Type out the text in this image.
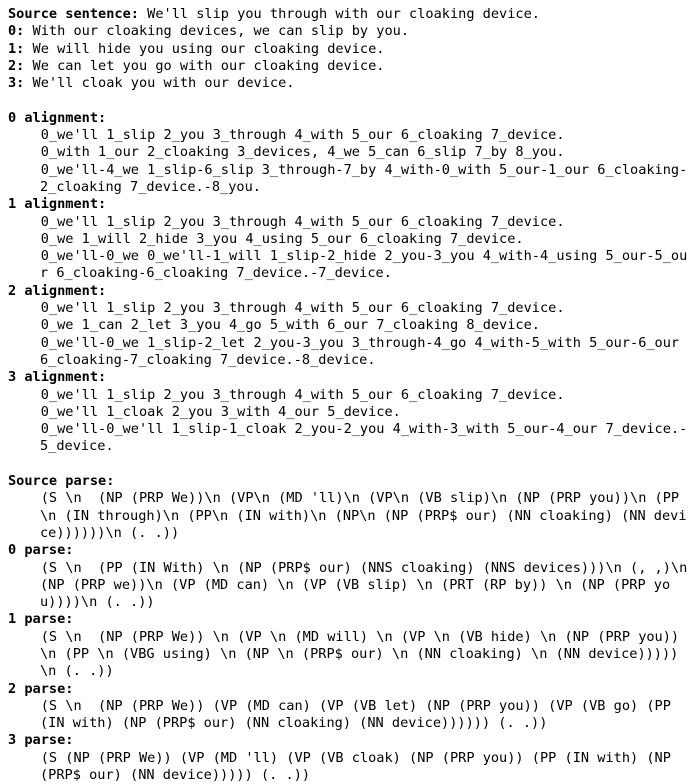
Source sentence: We'll slip you through with our cloaking device.
0: With our cloaking devices, we can slip by you.
1: We will hide you using our cloaking device.
2: We can let you go with our cloaking device.
3: We'll cloak you with our device.
0 alignment:
0_we'll 1_slip 2_you 3_through 4_with 5_our 6_cloaking 7_device.
0_with 1_our 2_cloaking 3_devices, 4_we 5_can 6_slip 7_by 8_you.
0_we'll-4_we 1_slip-6_slip 3_through-7_by 4_with-0_with 5_our-1_our 6_cloaking-2_cloaking 7_device.-8_you.
1 alignment:
0_we'll 1_slip 2_you 3_through 4_with 5_our 6_cloaking 7_device.
0_we 1_will 2_hide 3_you 4_using 5_our 6_cloaking 7_device.
0_we'll-0_we 0_we'll-1_will 1_slip-2_hide 2_you-3_you 4_with-4_using 5_our-5_our 6_cloaking-6_cloaking 7_device.-7_device.
2 alignment:
0_we'll 1_slip 2_you 3_through 4_with 5_our 6_cloaking 7_device.
0_we 1_can 2_let 3_you 4_go 5_with 6_our 7_cloaking 8_device.
0_we'll-0_we 1_slip-2_let 2_you-3_you 3_through-4_go 4_with-5_with 5_our-6_our 6_cloaking-7_cloaking 7_device.-8_device.
3 alignment:
0_we'll 1_slip 2_you 3_through 4_with 5_our 6_cloaking 7_device.
0_we'll 1_cloak 2_you 3_with 4_our 5_device.
0_we'll-0_we'll 1_slip-1_cloak 2_you-2_you 4_with-3_with 5_our-4_our 7_device.-5_device.
Source parse:
(S \n  (NP (PRP We))\n (VP\n (MD 'll)\n (VP\n (VB slip)\n (NP (PRP you))\n (PP\n (IN through)\n (PP\n (IN with)\n (NP\n (NP (PRP$ our) (NN cloaking) (NN device))))))\n (. .))
0 parse:
(S \n  (PP (IN With) \n (NP (PRP$ our) (NNS cloaking) (NNS devices)))\n (, ,)\n (NP (PRP we))\n (VP (MD can) \n (VP (VB slip) \n (PRT (RP by)) \n (NP (PRP you))))\n (. .))
1 parse:
(S \n  (NP (PRP We)) \n (VP \n (MD will) \n (VP \n (VB hide) \n (NP (PRP you)) \n (PP \n (VBG using) \n (NP \n (PRP$ our) \n (NN cloaking) \n (NN device)))))\n (. .))
2 parse:
(S \n  (NP (PRP We)) (VP (MD can) (VP (VB let) (NP (PRP you)) (VP (VB go) (PP (IN with) (NP (PRP$ our) (NN cloaking) (NN device)))))) (. .))
3 parse:
(S (NP (PRP We)) (VP (MD 'll) (VP (VB cloak) (NP (PRP you)) (PP (IN with) (NP (PRP$ our) (NN device))))) (. .))
